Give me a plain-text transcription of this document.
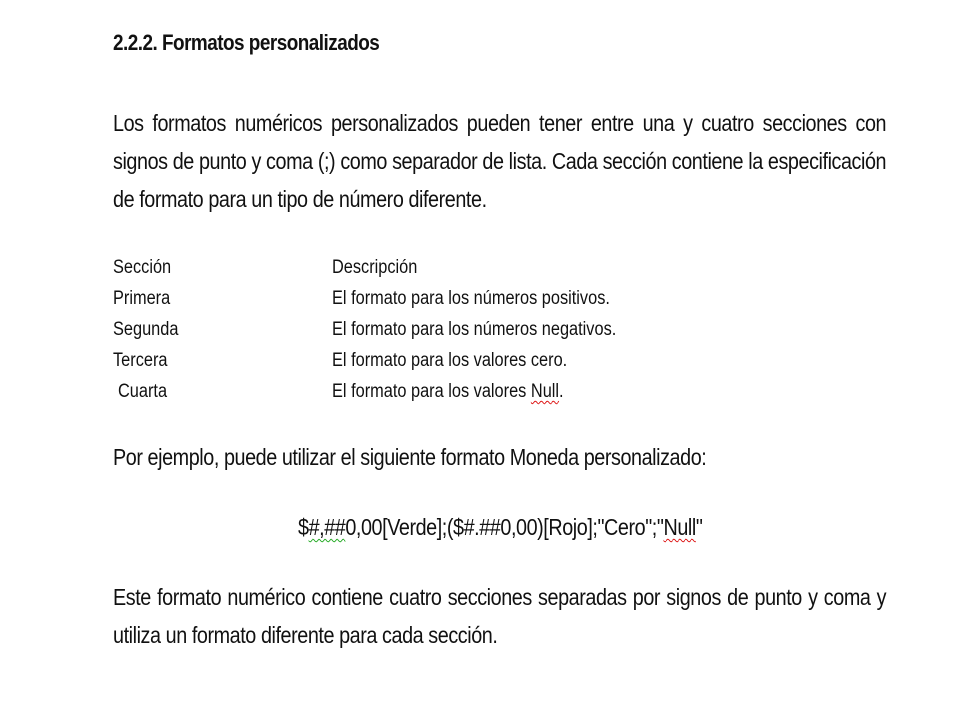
2.2.2. Formatos personalizados
Los formatos numéricos personalizados pueden tener entre una y cuatro secciones con
signos de punto y coma (;) como separador de lista. Cada sección contiene la especificación
de formato para un tipo de número diferente.
Sección	Descripción
Primera	El formato para los números positivos.
Segunda	El formato para los números negativos.
Tercera	El formato para los valores cero.
Cuarta	El formato para los valores Null.
Por ejemplo, puede utilizar el siguiente formato Moneda personalizado:
$#,##0,00[Verde];($#.##0,00)[Rojo];"Cero";"Null"
Este formato numérico contiene cuatro secciones separadas por signos de punto y coma y
utiliza un formato diferente para cada sección.
